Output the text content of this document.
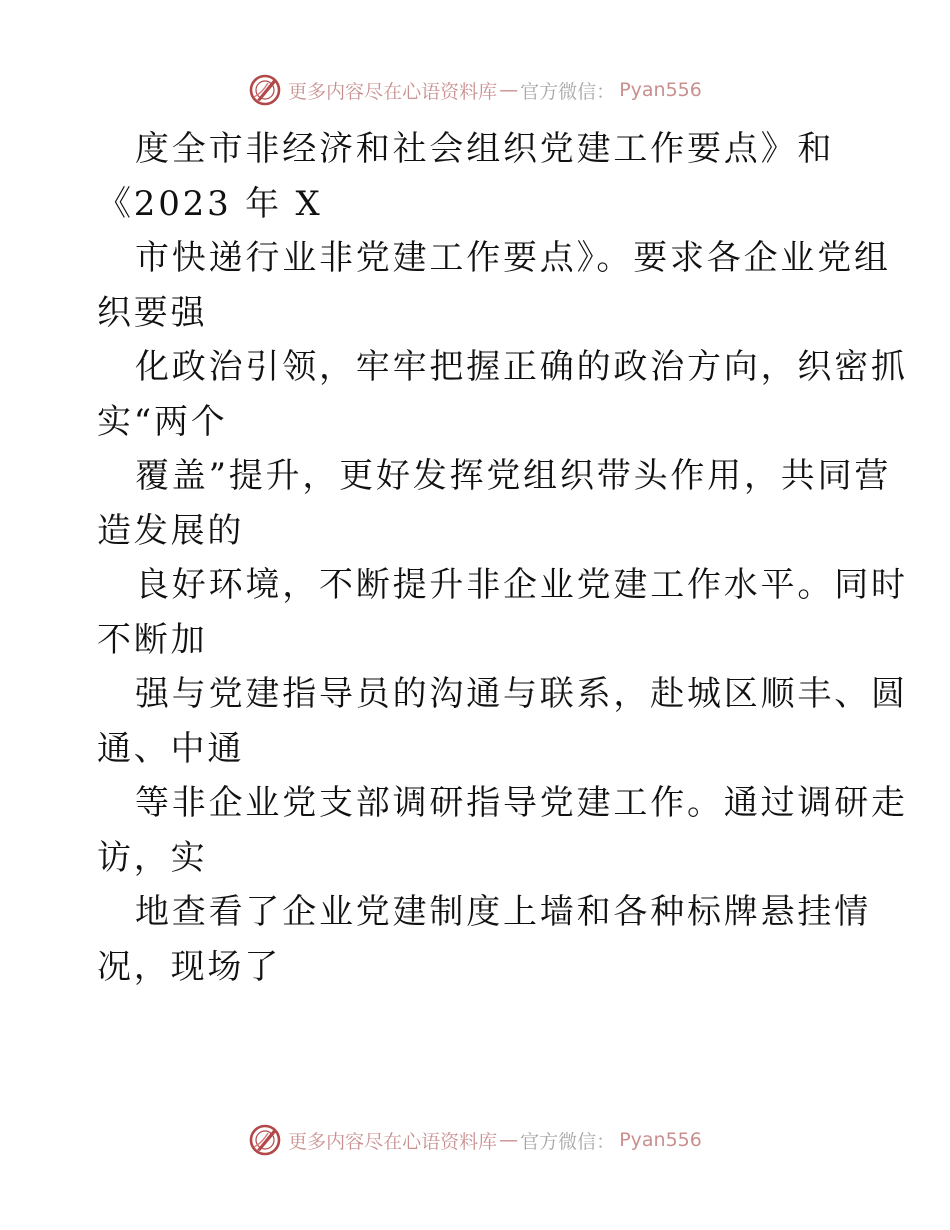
更多内容尽在心语资料库 — 官方微信： Pyan556
度全市非经济和社会组织党建工作要点》和
《2023 年 X
市快递行业非党建工作要点》。要求各企业党组
织要强
化政治引领，牢牢把握正确的政治方向，织密抓
实“两个
覆盖”提升，更好发挥党组织带头作用，共同营
造发展的
良好环境，不断提升非企业党建工作水平。同时
不断加
强与党建指导员的沟通与联系，赴城区顺丰、圆
通、中通
等非企业党支部调研指导党建工作。通过调研走
访，实
地查看了企业党建制度上墙和各种标牌悬挂情
况，现场了
更多内容尽在心语资料库 — 官方微信： Pyan556
